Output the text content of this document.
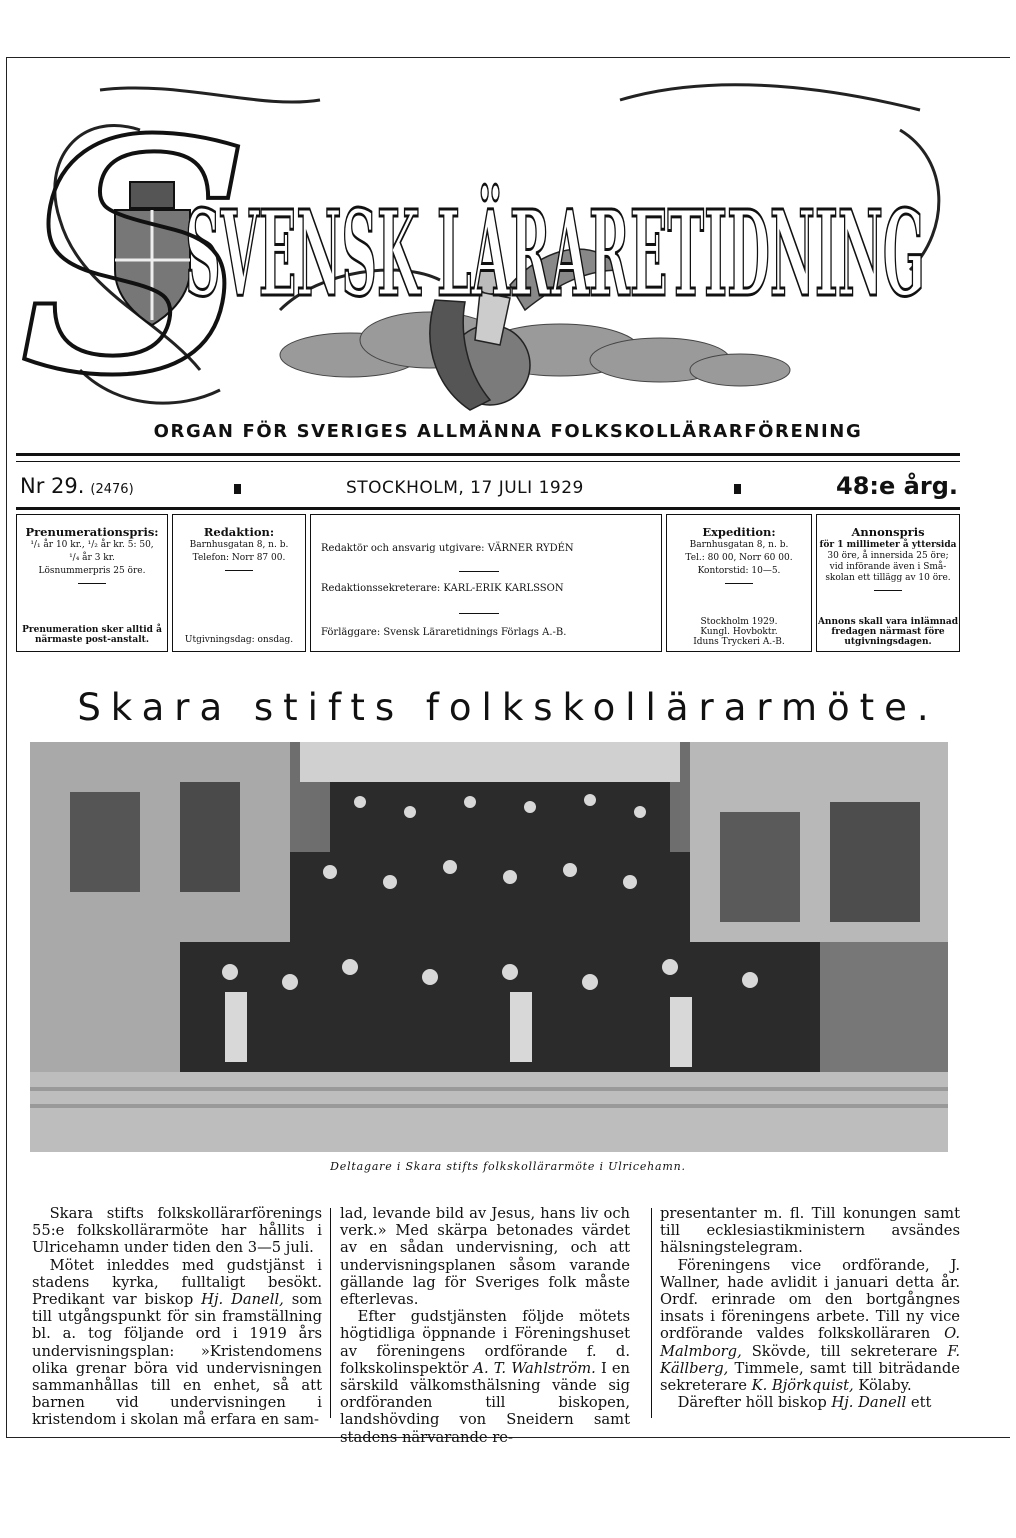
SVENSK LÄRARETIDNING
S
ORGAN FÖR SVERIGES ALLMÄNNA FOLKSKOLLÄRARFÖRENING
Nr 29. (2476)	STOCKHOLM, 17 JULI 1929	48:e årg.
Prenumerationspris:
¹/₁ år 10 kr., ¹/₂ år kr. 5: 50,
¹/₄ år 3 kr.
Lösnummerpris 25 öre.
Prenumeration sker alltid å närmaste post-anstalt.
Redaktion:
Barnhusgatan 8, n. b.
Telefon: Norr 87 00.
Utgivningsdag: onsdag.
Redaktör och ansvarig utgivare: VÄRNER RYDÉN
Redaktionssekreterare: KARL-ERIK KARLSSON
Förläggare: Svensk Läraretidnings Förlags A.-B.
Expedition:
Barnhusgatan 8, n. b.
Tel.: 80 00, Norr 60 00.
Kontorstid: 10—5.
Stockholm 1929.
Kungl. Hovboktr.
Iduns Tryckeri A.-B.
Annonspris
för 1 millimeter å yttersida
30 öre, å innersida 25 öre;
vid införande även i Små-
skolan ett tillägg av 10 öre.
Annons skall vara inlämnad
fredagen närmast före
utgivningsdagen.
Skara stifts folkskollärarmöte.
Deltagare i Skara stifts folkskollärarmöte i Ulricehamn.

Skara stifts folkskollärarförenings 55:e folkskollärarmöte har hållits i Ulricehamn under tiden den 3—5 juli.

Mötet inleddes med gudstjänst i stadens kyrka, fulltaligt besökt. Predikant var biskop Hj. Danell, som till utgångspunkt för sin framställning bl. a. tog följande ord i 1919 års undervisningsplan: »Kristendomens olika grenar böra vid undervisningen sammanhållas till en enhet, så att barnen vid undervisningen i kristendom i skolan må erfara en sam-

lad, levande bild av Jesus, hans liv och verk.» Med skärpa betonades värdet av en sådan undervisning, och att undervisningsplanen såsom varande gällande lag för Sveriges folk måste efterlevas.

Efter gudstjänsten följde mötets högtidliga öppnande i Föreningshuset av föreningens ordförande f. d. folkskolinspektör A. T. Wahlström. I en särskild välkomsthälsning vände sig ordföranden till biskopen, landshövding von Sneidern samt stadens närvarande re-

presentanter m. fl. Till konungen samt till ecklesiastikministern avsändes hälsningstelegram.

Föreningens vice ordförande, J. Wallner, hade avlidit i januari detta år. Ordf. erinrade om den bortgångnes insats i föreningens arbete. Till ny vice ordförande valdes folkskolläraren O. Malmborg, Skövde, till sekreterare F. Källberg, Timmele, samt till biträdande sekreterare K. Björkquist, Kölaby.

Därefter höll biskop Hj. Danell ett
